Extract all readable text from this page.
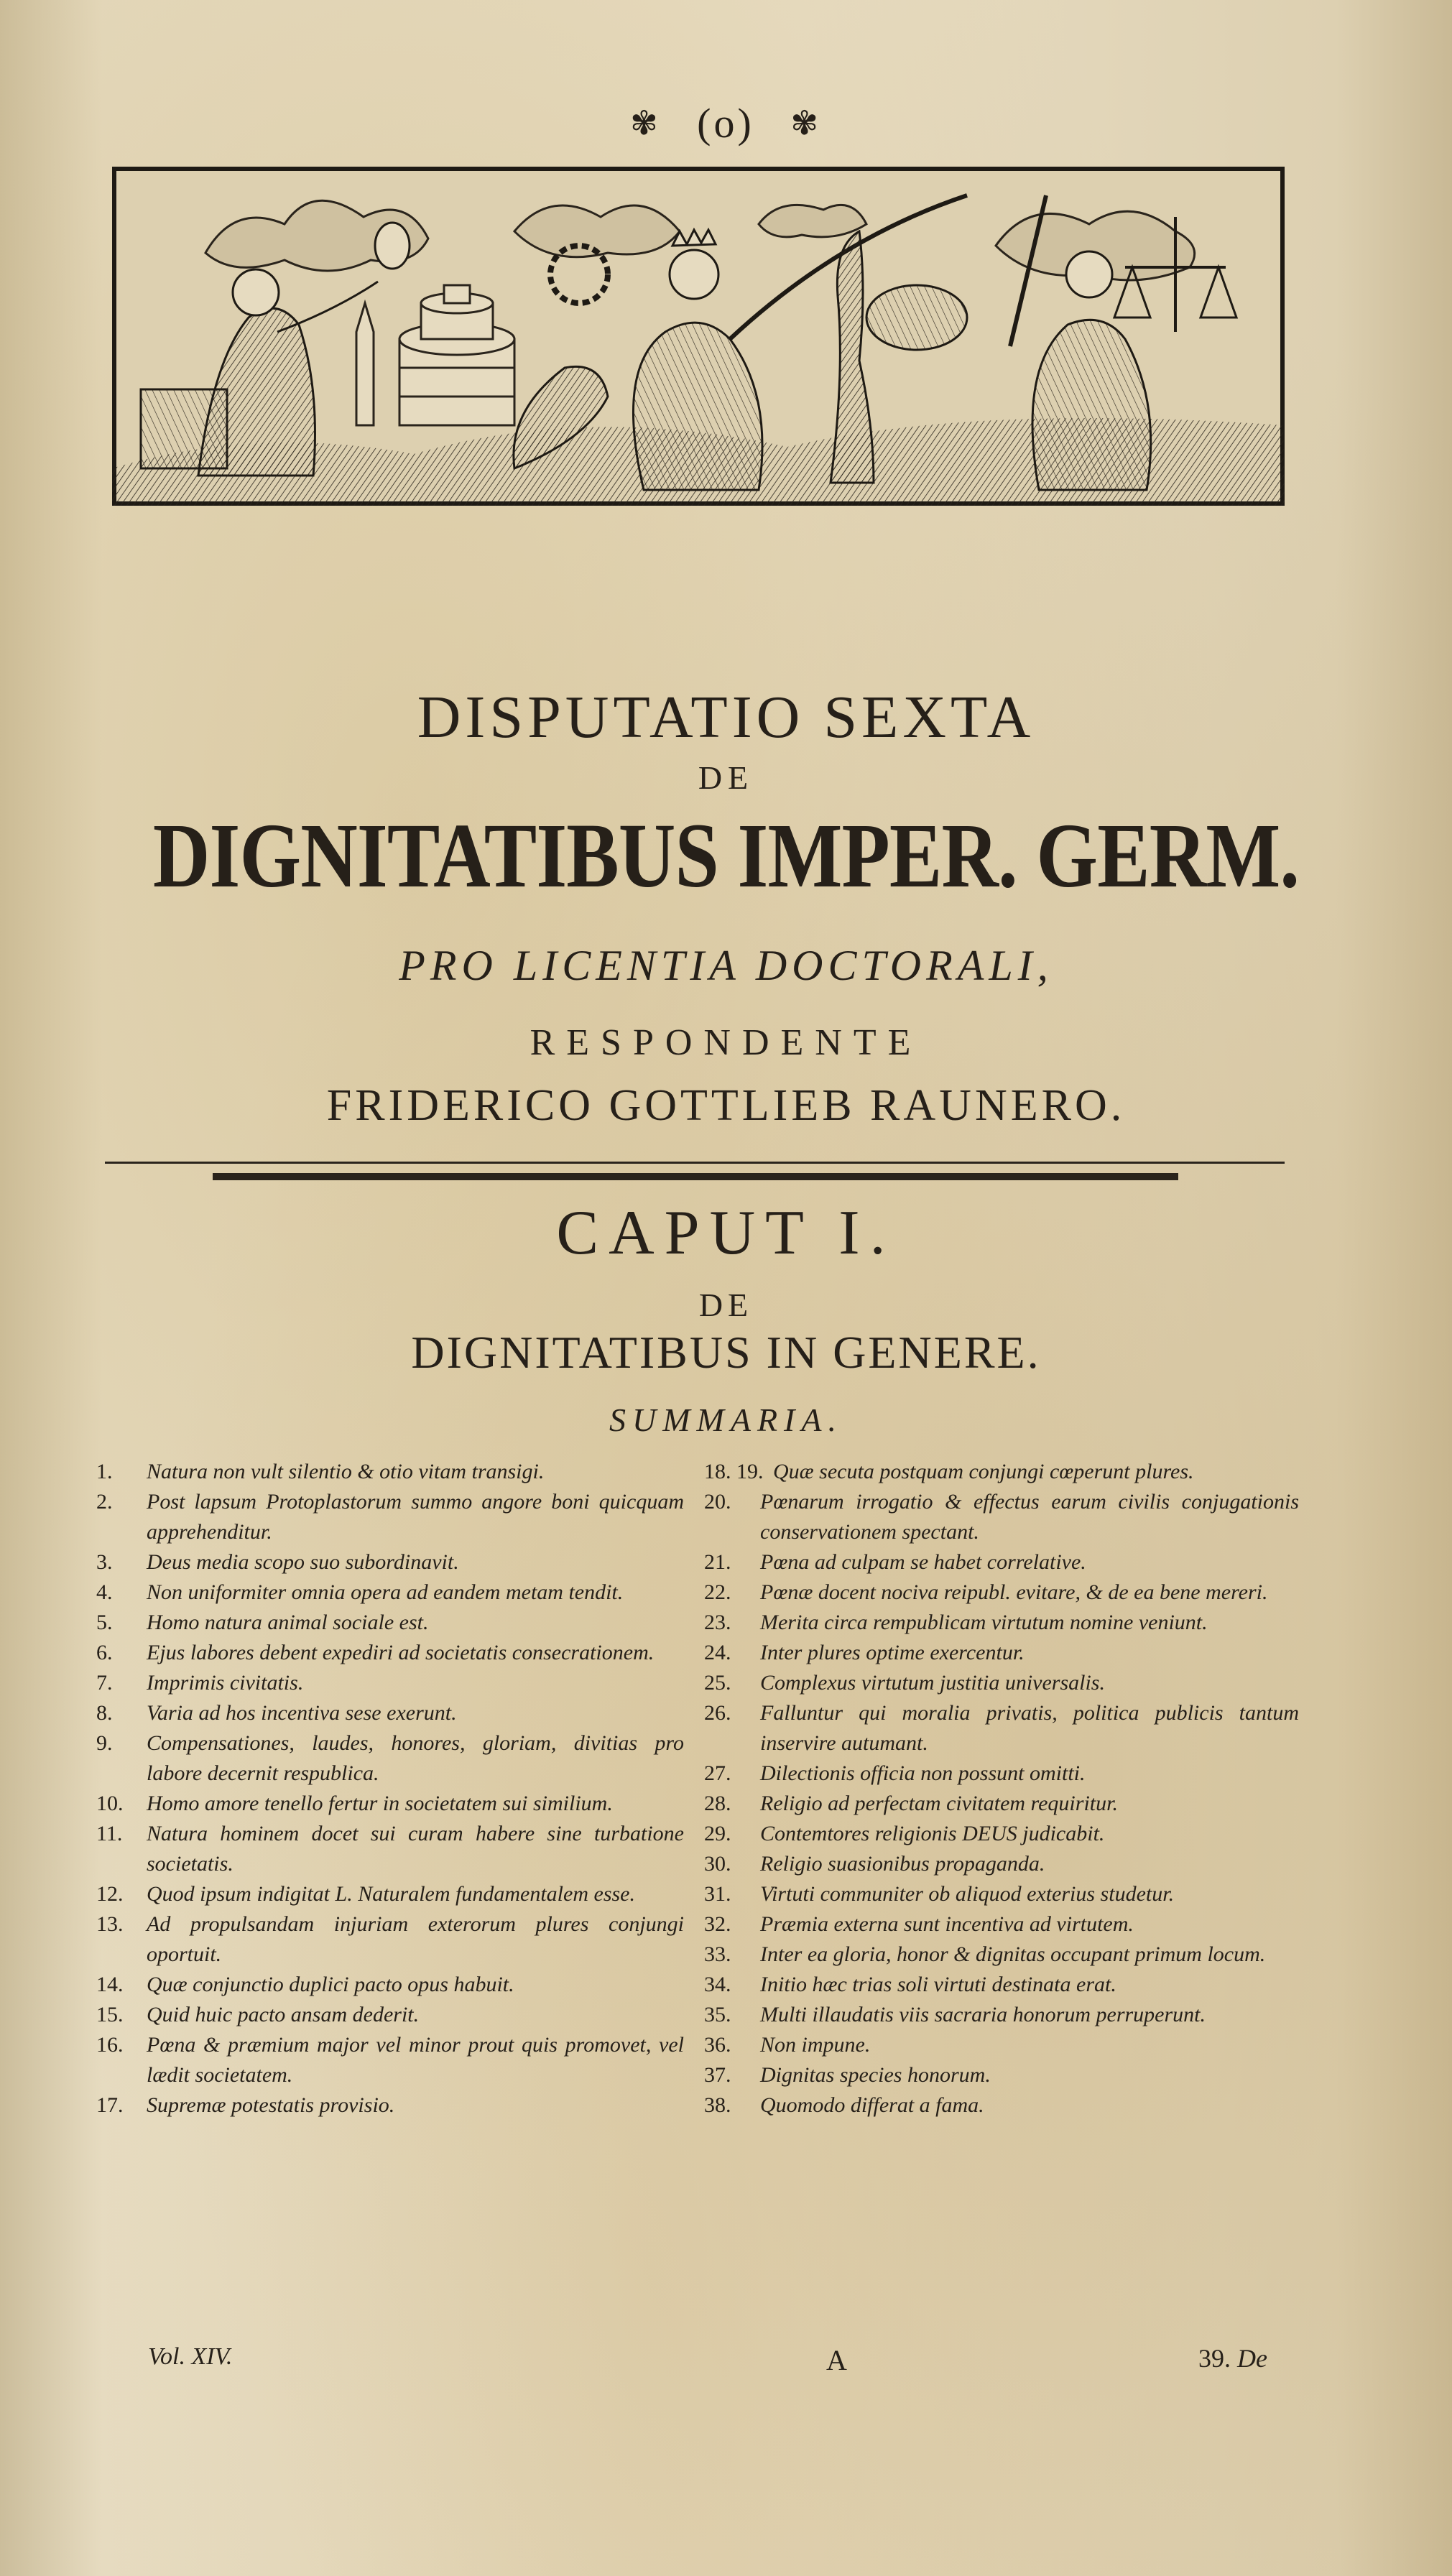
✾ (o) ✾
DISPUTATIO SEXTA
DE
DIGNITATIBUS IMPER. GERM.
PRO LICENTIA DOCTORALI,
RESPONDENTE
FRIDERICO GOTTLIEB RAUNERO.
CAPUT I.
DE
DIGNITATIBUS IN GENERE.
SUMMARIA.
1.	Natura non vult silentio & otio vitam transigi.
2.	Post lapsum Protoplastorum summo angore boni quicquam apprehenditur.
3.	Deus media scopo suo subordinavit.
4.	Non uniformiter omnia opera ad eandem metam tendit.
5.	Homo natura animal sociale est.
6.	Ejus labores debent expediri ad societatis consecrationem.
7.	Imprimis civitatis.
8.	Varia ad hos incentiva sese exerunt.
9.	Compensationes, laudes, honores, gloriam, divitias pro labore decernit respublica.
10.	Homo amore tenello fertur in societatem sui similium.
11.	Natura hominem docet sui curam habere sine turbatione societatis.
12.	Quod ipsum indigitat L. Naturalem fundamentalem esse.
13.	Ad propulsandam injuriam exterorum plures conjungi oportuit.
14.	Quæ conjunctio duplici pacto opus habuit.
15.	Quid huic pacto ansam dederit.
16.	Pœna & præmium major vel minor prout quis promovet, vel lædit societatem.
17.	Supremæ potestatis provisio.
18. 19. Quæ secuta postquam conjungi cœperunt plures.
20.	Pœnarum irrogatio & effectus earum civilis conjugationis conservationem spectant.
21.	Pœna ad culpam se habet correlative.
22.	Pœnæ docent nociva reipubl. evitare, & de ea bene mereri.
23.	Merita circa rempublicam virtutum nomine veniunt.
24.	Inter plures optime exercentur.
25.	Complexus virtutum justitia universalis.
26.	Falluntur qui moralia privatis, politica publicis tantum inservire autumant.
27.	Dilectionis officia non possunt omitti.
28.	Religio ad perfectam civitatem requiritur.
29.	Contemtores religionis DEUS judicabit.
30.	Religio suasionibus propaganda.
31.	Virtuti communiter ob aliquod exterius studetur.
32.	Præmia externa sunt incentiva ad virtutem.
33.	Inter ea gloria, honor & dignitas occupant primum locum.
34.	Initio hæc trias soli virtuti destinata erat.
35.	Multi illaudatis viis sacraria honorum perruperunt.
36.	Non impune.
37.	Dignitas species honorum.
38.	Quomodo differat a fama.
Vol. XIV.	A	39. De
